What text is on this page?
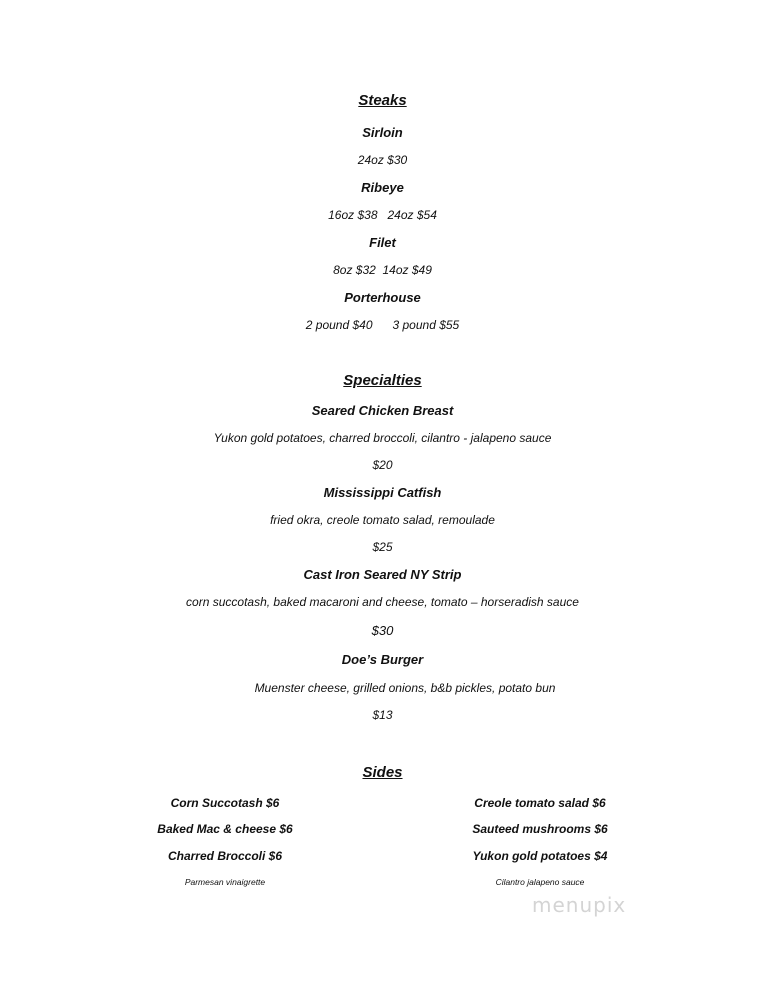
Steaks
Sirloin
24oz $30
Ribeye
16oz $38   24oz $54
Filet
8oz $32  14oz $49
Porterhouse
2 pound $40      3 pound $55
Specialties
Seared Chicken Breast
Yukon gold potatoes, charred broccoli, cilantro - jalapeno sauce
$20
Mississippi Catfish
fried okra, creole tomato salad, remoulade
$25
Cast Iron Seared NY Strip
corn succotash, baked macaroni and cheese, tomato – horseradish sauce
$30
Doe’s Burger
Muenster cheese, grilled onions, b&b pickles, potato bun
$13
Sides
Corn Succotash $6
Baked Mac & cheese $6
Charred Broccoli $6
Parmesan vinaigrette
Creole tomato salad $6
Sauteed mushrooms $6
Yukon gold potatoes $4
Cilantro jalapeno sauce
menupix
